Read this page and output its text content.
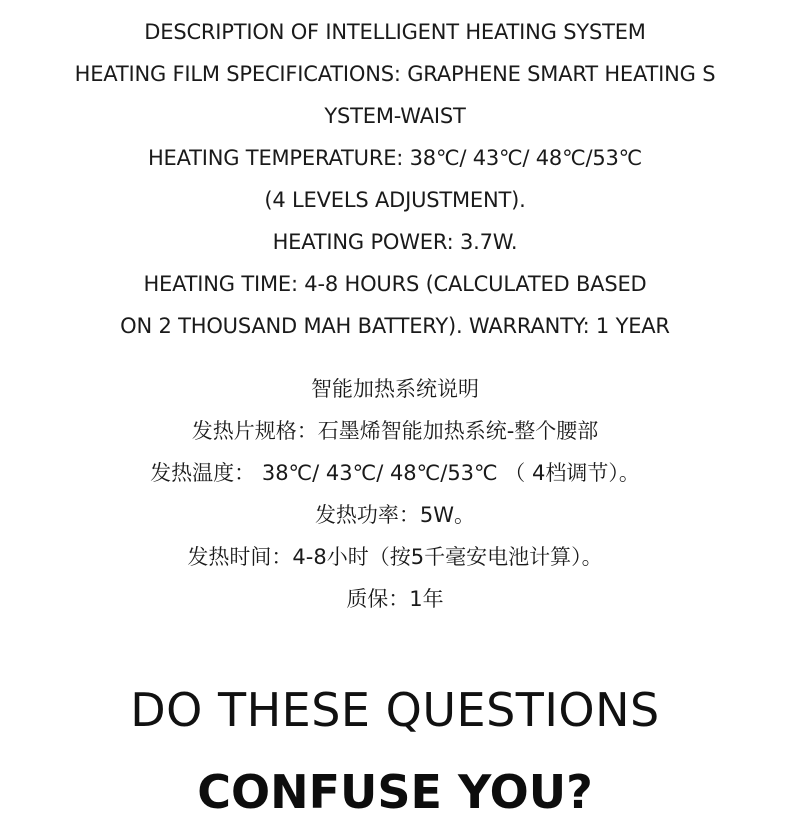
DESCRIPTION OF INTELLIGENT HEATING SYSTEM
HEATING FILM SPECIFICATIONS: GRAPHENE SMART HEATING S
YSTEM-WAIST
HEATING TEMPERATURE: 38℃/ 43℃/ 48℃/53℃
(4 LEVELS ADJUSTMENT).
HEATING POWER: 3.7W.
HEATING TIME: 4-8 HOURS (CALCULATED BASED
ON 2 THOUSAND MAH BATTERY). WARRANTY: 1 YEAR
智能加热系统说明
发热片规格：石墨烯智能加热系统-整个腰部
发热温度： 38℃/ 43℃/ 48℃/53℃ （ 4档调节）。
发热功率：5W。
发热时间：4-8小时（按5千毫安电池计算）。
质保：1年
DO THESE QUESTIONS
CONFUSE YOU?
